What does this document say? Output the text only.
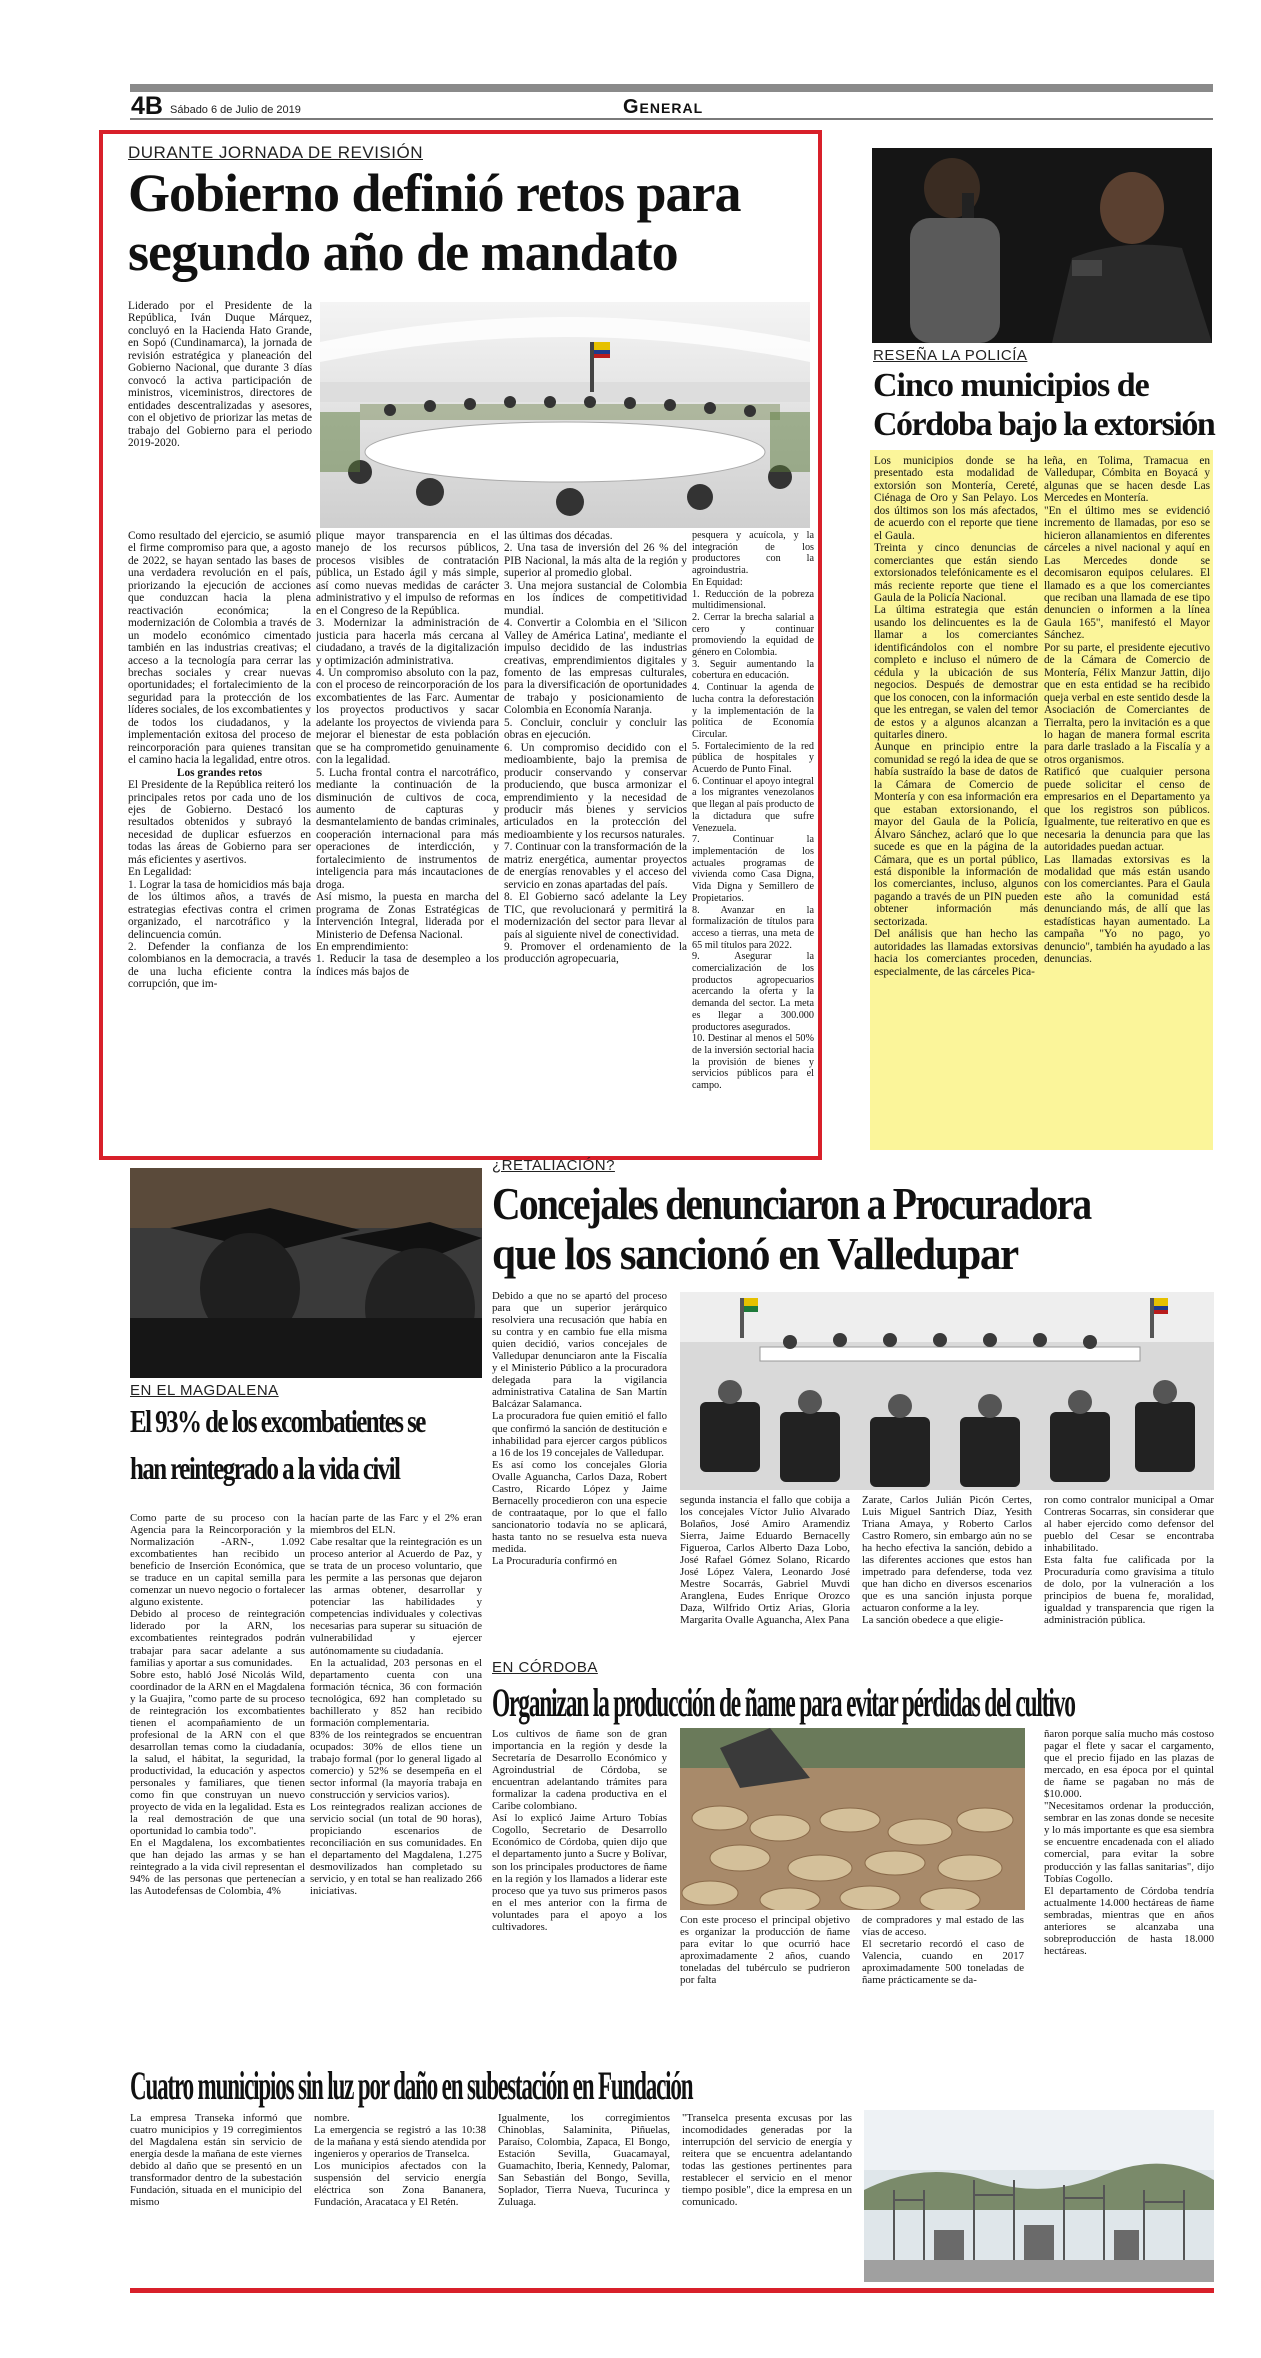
4B Sábado 6 de Julio de 2019	General
DURANTE JORNADA DE REVISIÓN
Gobierno definió retos para
segundo año de mandato

Liderado por el Presidente de la República, Iván Duque Márquez, concluyó en la Hacienda Hato Grande, en Sopó (Cundinamarca), la jornada de revisión estratégica y planeación del Gobierno Nacional, que durante 3 días convocó la activa participación de ministros, viceministros, directores de entidades descentralizadas y asesores, con el objetivo de priorizar las metas de trabajo del Gobierno para el periodo 2019-2020.

Como resultado del ejercicio, se asumió el firme compromiso para que, a agosto de 2022, se hayan sentado las bases de una verdadera revolución en el país, priorizando la ejecución de acciones que conduzcan hacia la plena reactivación económica; la modernización de Colombia a través de un modelo económico cimentado también en las industrias creativas; el acceso a la tecnología para cerrar las brechas sociales y crear nuevas oportunidades; el fortalecimiento de la seguridad para la protección de los líderes sociales, de los excombatientes y de todos los ciudadanos, y la implementación exitosa del proceso de reincorporación para quienes transitan el camino hacia la legalidad, entre otros.

Los grandes retos

El Presidente de la República reiteró los principales retos por cada uno de los ejes de Gobierno. Destacó los resultados obtenidos y subrayó la necesidad de duplicar esfuerzos en todas las áreas de Gobierno para ser más eficientes y asertivos.

En Legalidad:

1. Lograr la tasa de homicidios más baja de los últimos años, a través de estrategias efectivas contra el crimen organizado, el narcotráfico y la delincuencia común.

2. Defender la confianza de los colombianos en la democracia, a través de una lucha eficiente contra la corrupción, que im-

plique mayor transparencia en el manejo de los recursos públicos, procesos visibles de contratación pública, un Estado ágil y más simple, así como nuevas medidas de carácter administrativo y el impulso de reformas en el Congreso de la República.

3. Modernizar la administración de justicia para hacerla más cercana al ciudadano, a través de la digitalización y optimización administrativa.

4. Un compromiso absoluto con la paz, con el proceso de reincorporación de los excombatientes de las Farc. Aumentar los proyectos productivos y sacar adelante los proyectos de vivienda para mejorar el bienestar de esta población que se ha comprometido genuinamente con la legalidad.

5. Lucha frontal contra el narcotráfico, mediante la continuación de la disminución de cultivos de coca, aumento de capturas y desmantelamiento de bandas criminales, cooperación internacional para más operaciones de interdicción, y fortalecimiento de instrumentos de inteligencia para más incautaciones de droga.

Así mismo, la puesta en marcha del programa de Zonas Estratégicas de Intervención Integral, liderada por el Ministerio de Defensa Nacional.

En emprendimiento:

1. Reducir la tasa de desempleo a los índices más bajos de

las últimas dos décadas.

2. Una tasa de inversión del 26 % del PIB Nacional, la más alta de la región y superior al promedio global.

3. Una mejora sustancial de Colombia en los índices de competitividad mundial.

4. Convertir a Colombia en el 'Silicon Valley de América Latina', mediante el impulso decidido de las industrias creativas, emprendimientos digitales y fomento de las empresas culturales, para la diversificación de oportunidades de trabajo y posicionamiento de Colombia en Economía Naranja.

5. Concluir, concluir y concluir las obras en ejecución.

6. Un compromiso decidido con el medioambiente, bajo la premisa de producir conservando y conservar produciendo, que busca armonizar el emprendimiento y la necesidad de producir más bienes y servicios articulados en la protección del medioambiente y los recursos naturales.

7. Continuar con la transformación de la matriz energética, aumentar proyectos de energías renovables y el acceso del servicio en zonas apartadas del país.

8. El Gobierno sacó adelante la Ley TIC, que revolucionará y permitirá la modernización del sector para llevar al país al siguiente nivel de conectividad.

9. Promover el ordenamiento de la producción agropecuaria,

pesquera y acuícola, y la integración de los productores con la agroindustria.

En Equidad:

1. Reducción de la pobreza multidimensional.

2. Cerrar la brecha salarial a cero y continuar promoviendo la equidad de género en Colombia.

3. Seguir aumentando la cobertura en educación.

4. Continuar la agenda de lucha contra la deforestación y la implementación de la política de Economía Circular.

5. Fortalecimiento de la red pública de hospitales y Acuerdo de Punto Final.

6. Continuar el apoyo integral a los migrantes venezolanos que llegan al país producto de la dictadura que sufre Venezuela.

7. Continuar la implementación de los actuales programas de vivienda como Casa Digna, Vida Digna y Semillero de Propietarios.

8. Avanzar en la formalización de títulos para acceso a tierras, una meta de 65 mil títulos para 2022.

9. Asegurar la comercialización de los productos agropecuarios acercando la oferta y la demanda del sector. La meta es llegar a 300.000 productores asegurados.

10. Destinar al menos el 50% de la inversión sectorial hacia la provisión de bienes y servicios públicos para el campo.

RESEÑA LA POLICÍA
Cinco municipios de
Córdoba bajo la extorsión

Los municipios donde se ha presentado esta modalidad de extorsión son Montería, Cereté, Ciénaga de Oro y San Pelayo. Los dos últimos son los más afectados, de acuerdo con el reporte que tiene el Gaula.

Treinta y cinco denuncias de comerciantes que están siendo extorsionados telefónicamente es el más reciente reporte que tiene el Gaula de la Policía Nacional.

La última estrategia que están usando los delincuentes es la de llamar a los comerciantes identificándolos con el nombre completo e incluso el número de cédula y la ubicación de sus negocios. Después de demostrar que los conocen, con la información que les entregan, se valen del temor de estos y a algunos alcanzan a quitarles dinero.

Aunque en principio entre la comunidad se regó la idea de que se había sustraído la base de datos de la Cámara de Comercio de Montería y con esa información era que estaban extorsionando, el mayor del Gaula de la Policía, Álvaro Sánchez, aclaró que lo que sucede es que en la página de la Cámara, que es un portal público, está disponible la información de los comerciantes, incluso, algunos pagando a través de un PIN pueden obtener información más sectorizada.

Del análisis que han hecho las autoridades las llamadas extorsivas hacia los comerciantes proceden, especialmente, de las cárceles Pica-

leña, en Tolima, Tramacua en Valledupar, Cómbita en Boyacá y algunas que se hacen desde Las Mercedes en Montería.

"En el último mes se evidenció incremento de llamadas, por eso se hicieron allanamientos en diferentes cárceles a nivel nacional y aquí en Las Mercedes donde se decomisaron equipos celulares. El llamado es a que los comerciantes que reciban una llamada de ese tipo denuncien o informen a la línea Gaula 165", manifestó el Mayor Sánchez.

Por su parte, el presidente ejecutivo de la Cámara de Comercio de Montería, Félix Manzur Jattin, dijo que en esta entidad se ha recibido queja verbal en este sentido desde la Asociación de Comerciantes de Tierralta, pero la invitación es a que lo hagan de manera formal escrita para darle traslado a la Fiscalía y a otros organismos.

Ratificó que cualquier persona puede solicitar el censo de empresarios en el Departamento ya que los registros son públicos. Igualmente, tue reiterativo en que es necesaria la denuncia para que las autoridades puedan actuar.

Las llamadas extorsivas es la modalidad que más están usando con los comerciantes. Para el Gaula este año la comunidad está denunciando más, de allí que las estadísticas hayan aumentado. La campaña "Yo no pago, yo denuncio", también ha ayudado a las denuncias.

EN EL MAGDALENA
El 93% de los excombatientes se
han reintegrado a la vida civil

Como parte de su proceso con la Agencia para la Reincorporación y la Normalización -ARN-, 1.092 excombatientes han recibido un beneficio de Inserción Económica, que se traduce en un capital semilla para comenzar un nuevo negocio o fortalecer alguno existente.

Debido al proceso de reintegración liderado por la ARN, los excombatientes reintegrados podrán trabajar para sacar adelante a sus familias y aportar a sus comunidades.

Sobre esto, habló José Nicolás Wild, coordinador de la ARN en el Magdalena y la Guajira, "como parte de su proceso de reintegración los excombatientes tienen el acompañamiento de un profesional de la ARN con el que desarrollan temas como la ciudadanía, la salud, el hábitat, la seguridad, la productividad, la educación y aspectos personales y familiares, que tienen como fin que construyan un nuevo proyecto de vida en la legalidad. Esta es la real demostración de que una oportunidad lo cambia todo".

En el Magdalena, los excombatientes que han dejado las armas y se han reintegrado a la vida civil representan el 94% de las personas que pertenecían a las Autodefensas de Colombia, 4%

hacían parte de las Farc y el 2% eran miembros del ELN.

Cabe resaltar que la reintegración es un proceso anterior al Acuerdo de Paz, y se trata de un proceso voluntario, que les permite a las personas que dejaron las armas obtener, desarrollar y potenciar las habilidades y competencias individuales y colectivas necesarias para superar su situación de vulnerabilidad y ejercer autónomamente su ciudadanía.

En la actualidad, 203 personas en el departamento cuenta con una formación técnica, 36 con formación tecnológica, 692 han completado su bachillerato y 852 han recibido formación complementaria.

83% de los reintegrados se encuentran ocupados: 30% de ellos tiene un trabajo formal (por lo general ligado al comercio) y 52% se desempeña en el sector informal (la mayoría trabaja en construcción y servicios varios).

Los reintegrados realizan acciones de servicio social (un total de 90 horas), propiciando escenarios de reconciliación en sus comunidades. En el departamento del Magdalena, 1.275 desmovilizados han completado su servicio, y en total se han realizado 266 iniciativas.

¿RETALIACIÓN?
Concejales denunciaron a Procuradora
que los sancionó en Valledupar

Debido a que no se apartó del proceso para que un superior jerárquico resolviera una recusación que había en su contra y en cambio fue ella misma quien decidió, varios concejales de Valledupar denunciaron ante la Fiscalía y el Ministerio Público a la procuradora delegada para la vigilancia administrativa Catalina de San Martín Balcázar Salamanca.

La procuradora fue quien emitió el fallo que confirmó la sanción de destitución e inhabilidad para ejercer cargos públicos a 16 de los 19 concejales de Valledupar.

Es así como los concejales Gloria Ovalle Aguancha, Carlos Daza, Robert Castro, Ricardo López y Jaime Bernacelly procedieron con una especie de contraataque, por lo que el fallo sancionatorio todavía no se aplicará, hasta tanto no se resuelva esta nueva medida.

La Procuraduría confirmó en

segunda instancia el fallo que cobija a los concejales Víctor Julio Alvarado Bolaños, José Amiro Aramendiz Sierra, Jaime Eduardo Bernacelly Figueroa, Carlos Alberto Daza Lobo, José Rafael Gómez Solano, Ricardo José López Valera, Leonardo José Mestre Socarrás, Gabriel Muvdi Aranglena, Eudes Enrique Orozco Daza, Wilfrido Ortiz Arias, Gloria Margarita Ovalle Aguancha, Alex Pana

Zarate, Carlos Julián Picón Certes, Luis Miguel Santrich Díaz, Yesith Triana Amaya, y Roberto Carlos Castro Romero, sin embargo aún no se ha hecho efectiva la sanción, debido a las diferentes acciones que estos han impetrado para defenderse, toda vez que han dicho en diversos escenarios que es una sanción injusta porque actuaron conforme a la ley.

La sanción obedece a que eligie-

ron como contralor municipal a Omar Contreras Socarras, sin considerar que al haber ejercido como defensor del pueblo del Cesar se encontraba inhabilitado.

Esta falta fue calificada por la Procuraduría como gravísima a título de dolo, por la vulneración a los principios de buena fe, moralidad, igualdad y transparencia que rigen la administración pública.

EN CÓRDOBA
Organizan la producción de ñame para evitar pérdidas del cultivo

Los cultivos de ñame son de gran importancia en la región y desde la Secretaría de Desarrollo Económico y Agroindustrial de Córdoba, se encuentran adelantando trámites para formalizar la cadena productiva en el Caribe colombiano.

Así lo explicó Jaime Arturo Tobías Cogollo, Secretario de Desarrollo Económico de Córdoba, quien dijo que el departamento junto a Sucre y Bolívar, son los principales productores de ñame en la región y los llamados a liderar este proceso que ya tuvo sus primeros pasos en el mes anterior con la firma de voluntades para el apoyo a los cultivadores.

Con este proceso el principal objetivo es organizar la producción de ñame para evitar lo que ocurrió hace aproximadamente 2 años, cuando toneladas del tubérculo se pudrieron por falta

de compradores y mal estado de las vías de acceso.

El secretario recordó el caso de Valencia, cuando en 2017 aproximadamente 500 toneladas de ñame prácticamente se da-

ñaron porque salía mucho más costoso pagar el flete y sacar el cargamento, que el precio fijado en las plazas de mercado, en esa época por el quintal de ñame se pagaban no más de $10.000.

"Necesitamos ordenar la producción, sembrar en las zonas donde se necesite y lo más importante es que esa siembra se encuentre encadenada con el aliado comercial, para evitar la sobre producción y las fallas sanitarias", dijo Tobías Cogollo.

El departamento de Córdoba tendría actualmente 14.000 hectáreas de ñame sembradas, mientras que en años anteriores se alcanzaba una sobreproducción de hasta 18.000 hectáreas.

Cuatro municipios sin luz por daño en subestación en Fundación

La empresa Transeka informó que cuatro municipios y 19 corregimientos del Magdalena están sin servicio de energía desde la mañana de este viernes debido al daño que se presentó en un transformador dentro de la subestación Fundación, situada en el municipio del mismo

nombre.

La emergencia se registró a las 10:38 de la mañana y está siendo atendida por ingenieros y operarios de Transelca.

Los municipios afectados con la suspensión del servicio energía eléctrica son Zona Bananera, Fundación, Aracataca y El Retén.

Igualmente, los corregimientos Chinoblas, Salaminita, Piñuelas, Paraíso, Colombia, Zapaca, El Bongo, Estación Sevilla, Guacamayal, Guamachito, Iberia, Kennedy, Palomar, San Sebastián del Bongo, Sevilla, Soplador, Tierra Nueva, Tucurinca y Zuluaga.

"Transelca presenta excusas por las incomodidades generadas por la interrupción del servicio de energía y reitera que se encuentra adelantando todas las gestiones pertinentes para restablecer el servicio en el menor tiempo posible", dice la empresa en un comunicado.
